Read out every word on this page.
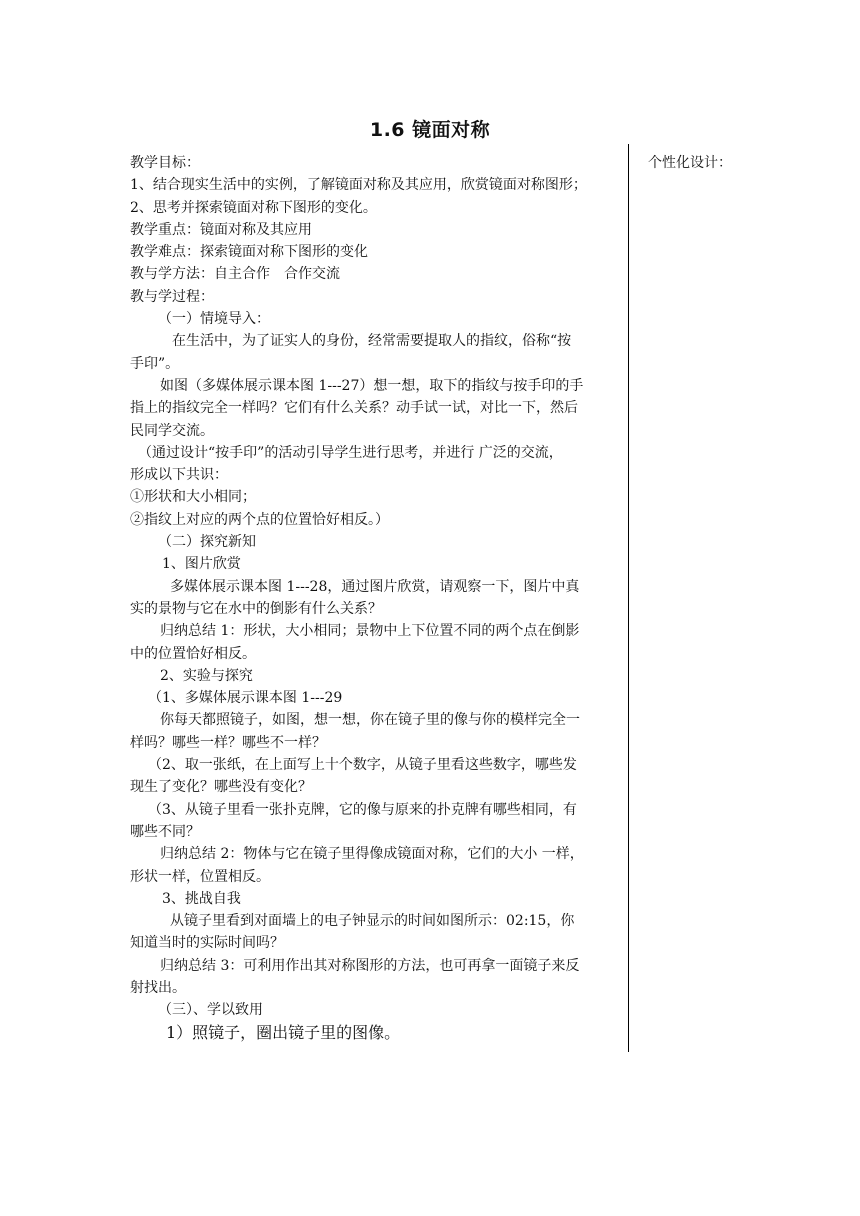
1.6 镜面对称
个性化设计：
教学目标：
1、结合现实生活中的实例，了解镜面对称及其应用，欣赏镜面对称图形；
2、思考并探索镜面对称下图形的变化。
教学重点：镜面对称及其应用
教学难点：探索镜面对称下图形的变化
教与学方法：自主合作　合作交流
教与学过程：
（一）情境导入：
在生活中，为了证实人的身份，经常需要提取人的指纹，俗称“按
手印”。
如图（多媒体展示课本图 1---27）想一想，取下的指纹与按手印的手
指上的指纹完全一样吗？它们有什么关系？动手试一试，对比一下，然后
民同学交流。
（通过设计“按手印”的活动引导学生进行思考，并进行 广泛的交流，
形成以下共识：
①形状和大小相同；
②指纹上对应的两个点的位置恰好相反。）
（二）探究新知
1、图片欣赏
多媒体展示课本图 1---28，通过图片欣赏，请观察一下，图片中真
实的景物与它在水中的倒影有什么关系？
归纳总结 1：形状，大小相同；景物中上下位置不同的两个点在倒影
中的位置恰好相反。
2、实验与探究
（1、多媒体展示课本图 1---29
你每天都照镜子，如图，想一想，你在镜子里的像与你的模样完全一
样吗？哪些一样？哪些不一样？
（2、取一张纸，在上面写上十个数字，从镜子里看这些数字，哪些发
现生了变化？哪些没有变化？
（3、从镜子里看一张扑克牌，它的像与原来的扑克牌有哪些相同，有
哪些不同？
归纳总结 2：物体与它在镜子里得像成镜面对称，它们的大小 一样，
形状一样，位置相反。
3、挑战自我
从镜子里看到对面墙上的电子钟显示的时间如图所示：02:15，你
知道当时的实际时间吗？
归纳总结 3：可利用作出其对称图形的方法，也可再拿一面镜子来反
射找出。
（三）、学以致用
1）照镜子，圈出镜子里的图像。
